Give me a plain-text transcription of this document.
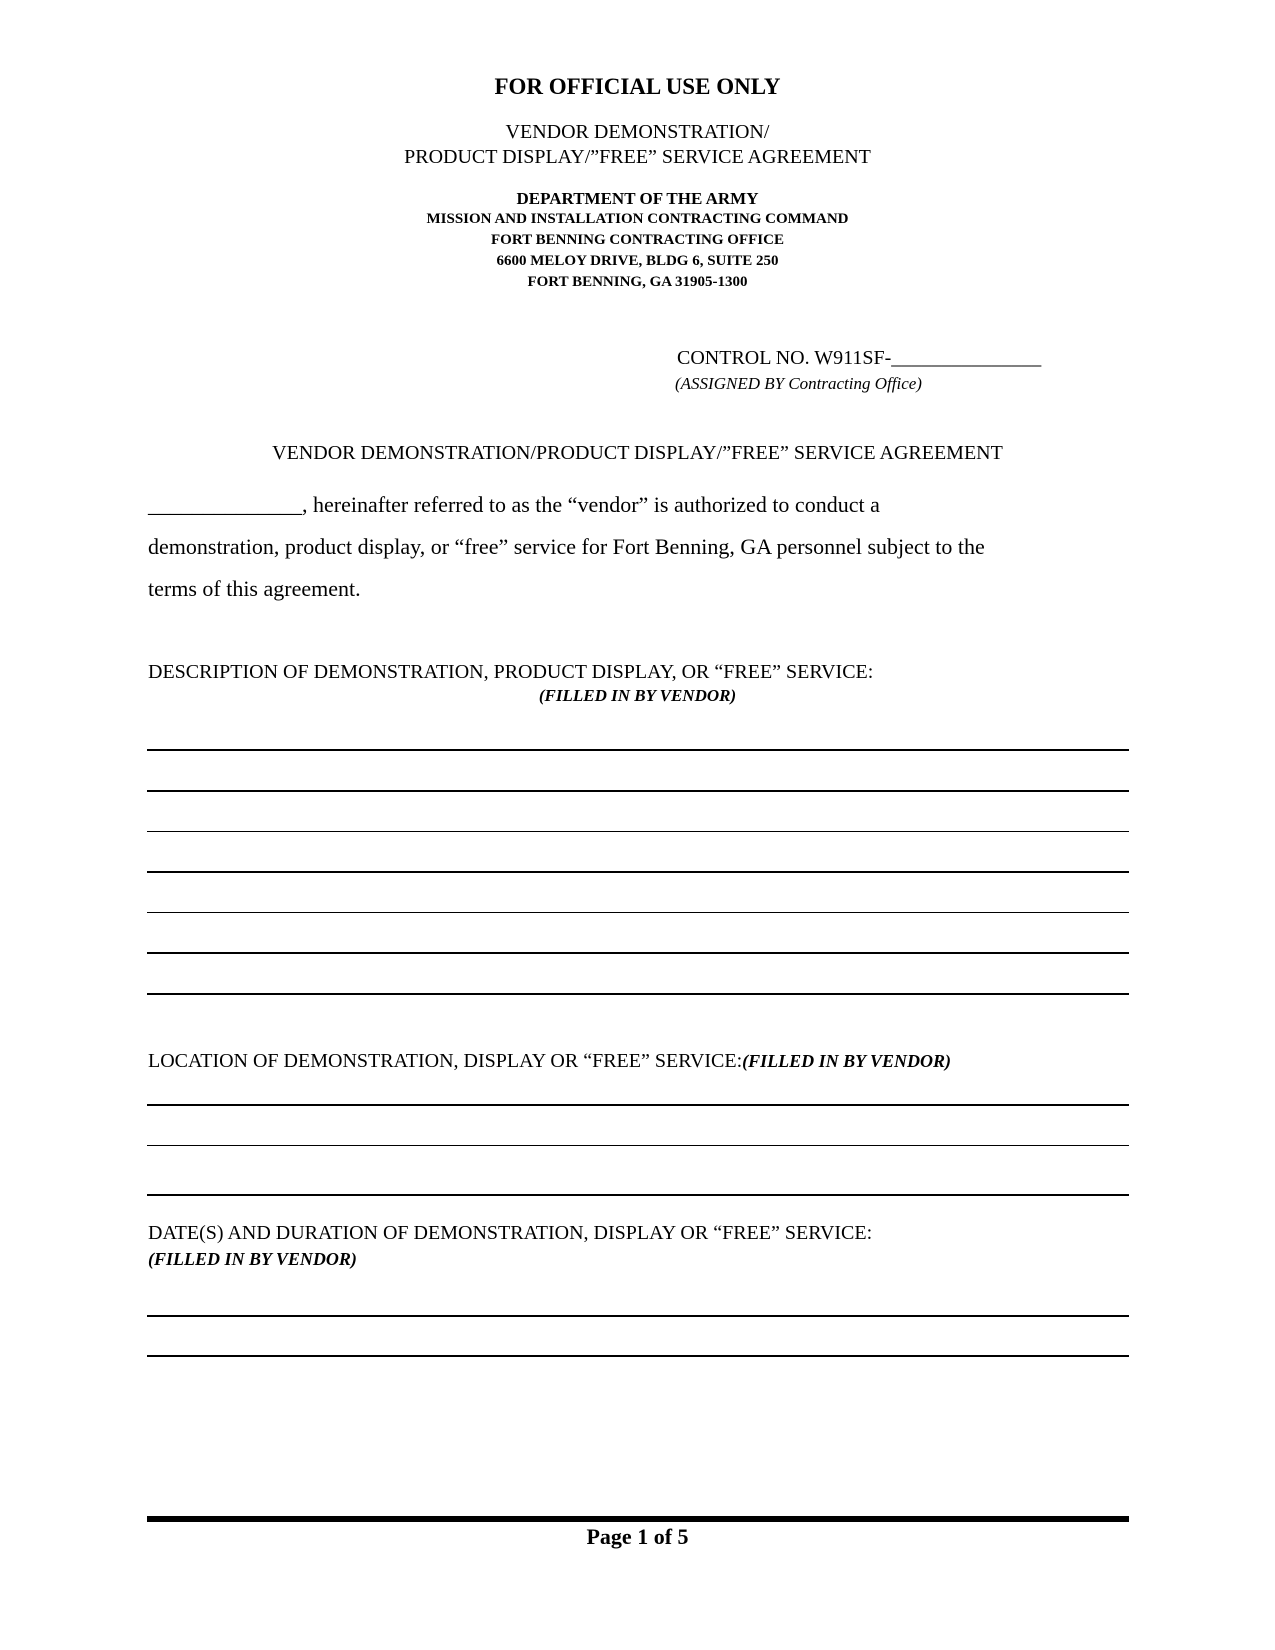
FOR OFFICIAL USE ONLY
VENDOR DEMONSTRATION/
PRODUCT DISPLAY/”FREE” SERVICE AGREEMENT
DEPARTMENT OF THE ARMY
MISSION AND INSTALLATION CONTRACTING COMMAND
FORT BENNING CONTRACTING OFFICE
6600 MELOY DRIVE, BLDG 6, SUITE 250
FORT BENNING, GA 31905-1300
CONTROL NO. W911SF-_______________
(ASSIGNED BY Contracting Office)
VENDOR DEMONSTRATION/PRODUCT DISPLAY/”FREE” SERVICE AGREEMENT
______________, hereinafter referred to as the “vendor” is authorized to conduct a
demonstration, product display, or “free” service for Fort Benning, GA personnel subject to the
terms of this agreement.
DESCRIPTION OF DEMONSTRATION, PRODUCT DISPLAY, OR “FREE” SERVICE:
(FILLED IN BY VENDOR)
LOCATION OF DEMONSTRATION, DISPLAY OR “FREE” SERVICE:(FILLED IN BY VENDOR)
DATE(S) AND DURATION OF DEMONSTRATION, DISPLAY OR “FREE” SERVICE:
(FILLED IN BY VENDOR)
Page 1 of 5
